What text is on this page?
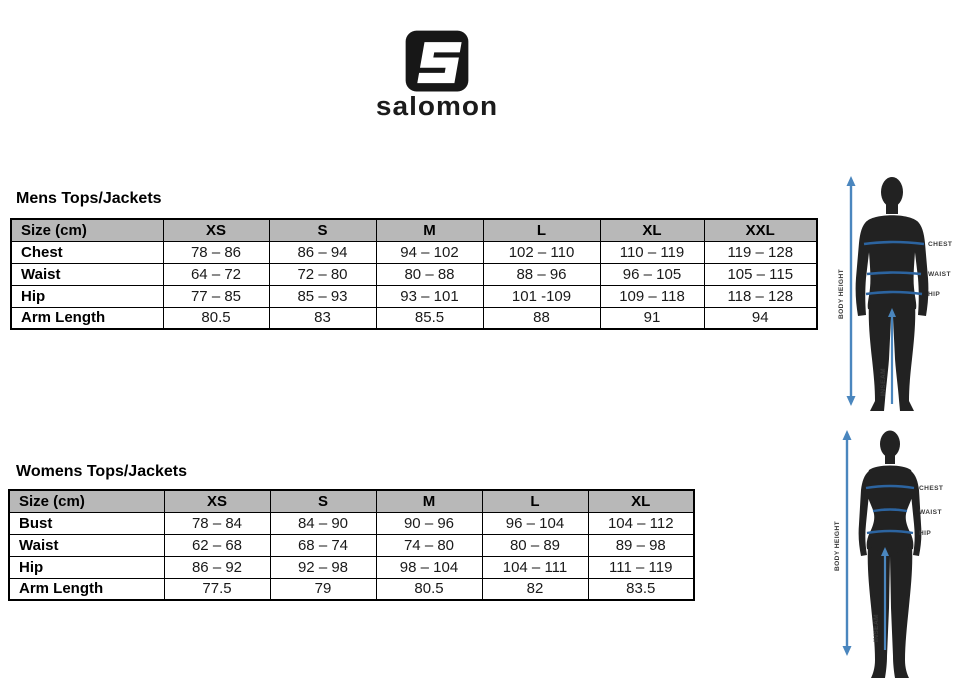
salomon
Mens Tops/Jackets
Size (cm)	XS	S	M	L	XL	XXL
Chest	78 – 86	86 – 94	94 – 102	102 – 110	110 – 119	119 – 128
Waist	64 – 72	72 – 80	80 – 88	88 – 96	96 – 105	105 – 115
Hip	77 – 85	85 – 93	93 – 101	101 -109	109 – 118	118 – 128
Arm Length	80.5	83	85.5	88	91	94
CHEST
WAIST
HIP
BODY HEIGHT
INSEAM
Womens Tops/Jackets
Size (cm)	XS	S	M	L	XL
Bust	78 – 84	84 – 90	90 – 96	96 – 104	104 – 112
Waist	62 – 68	68 – 74	74 – 80	80 – 89	89 – 98
Hip	86 – 92	92 – 98	98 – 104	104 – 111	111 – 119
Arm Length	77.5	79	80.5	82	83.5
CHEST
WAIST
HIP
BODY HEIGHT
INSEAM
